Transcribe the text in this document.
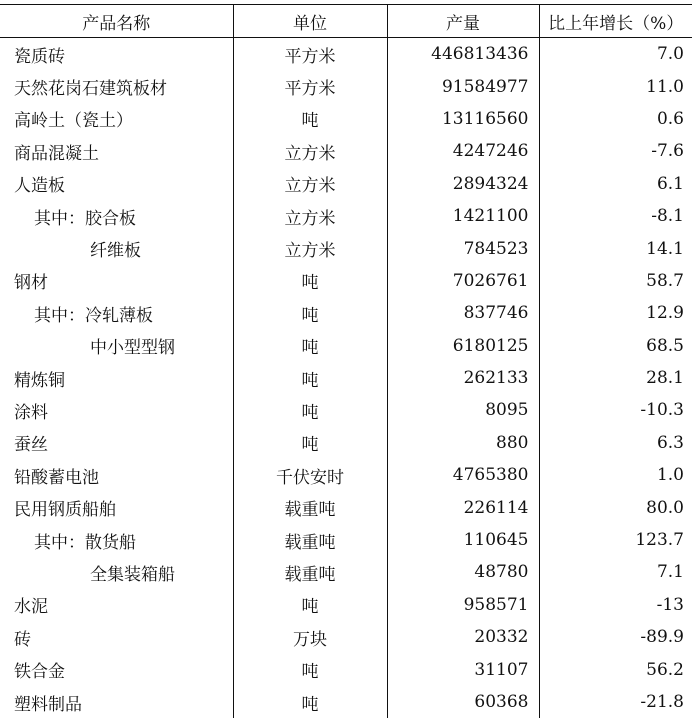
产品名称	单位	产量	比上年增长（%）
瓷质砖	平方米	446813436	7.0
天然花岗石建筑板材	平方米	91584977	11.0
高岭土（瓷土）	吨	13116560	0.6
商品混凝土	立方米	4247246	-7.6
人造板	立方米	2894324	6.1
其中：胶合板	立方米	1421100	-8.1
纤维板	立方米	784523	14.1
钢材	吨	7026761	58.7
其中：冷轧薄板	吨	837746	12.9
中小型型钢	吨	6180125	68.5
精炼铜	吨	262133	28.1
涂料	吨	8095	-10.3
蚕丝	吨	880	6.3
铅酸蓄电池	千伏安时	4765380	1.0
民用钢质船舶	载重吨	226114	80.0
其中：散货船	载重吨	110645	123.7
全集装箱船	载重吨	48780	7.1
水泥	吨	958571	-13
砖	万块	20332	-89.9
铁合金	吨	31107	56.2
塑料制品	吨	60368	-21.8
